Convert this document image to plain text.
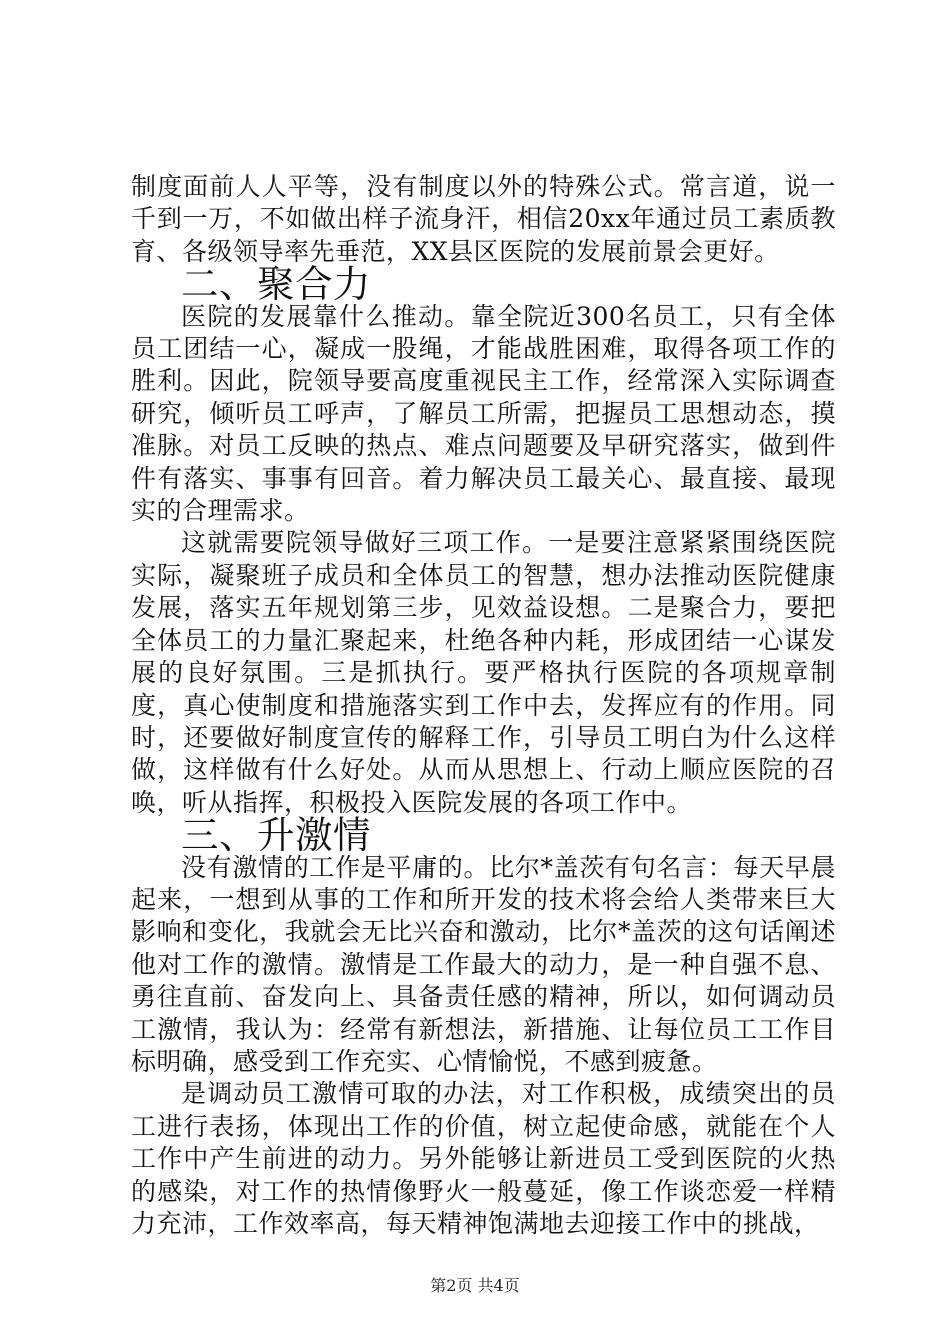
制度面前人人平等，没有制度以外的特殊公式。常言道，说一千到一万，不如做出样子流身汗，相信20xx年通过员工素质教育、各级领导率先垂范，XX县区医院的发展前景会更好。

二、聚合力

医院的发展靠什么推动。靠全院近300名员工，只有全体员工团结一心，凝成一股绳，才能战胜困难，取得各项工作的胜利。因此，院领导要高度重视民主工作，经常深入实际调查研究，倾听员工呼声，了解员工所需，把握员工思想动态，摸准脉。对员工反映的热点、难点问题要及早研究落实，做到件件有落实、事事有回音。着力解决员工最关心、最直接、最现实的合理需求。

这就需要院领导做好三项工作。一是要注意紧紧围绕医院实际，凝聚班子成员和全体员工的智慧，想办法推动医院健康发展，落实五年规划第三步，见效益设想。二是聚合力，要把全体员工的力量汇聚起来，杜绝各种内耗，形成团结一心谋发展的良好氛围。三是抓执行。要严格执行医院的各项规章制度，真心使制度和措施落实到工作中去，发挥应有的作用。同时，还要做好制度宣传的解释工作，引导员工明白为什么这样做，这样做有什么好处。从而从思想上、行动上顺应医院的召唤，听从指挥，积极投入医院发展的各项工作中。

三、升激情

没有激情的工作是平庸的。比尔*盖茨有句名言：每天早晨起来，一想到从事的工作和所开发的技术将会给人类带来巨大影响和变化，我就会无比兴奋和激动，比尔*盖茨的这句话阐述他对工作的激情。激情是工作最大的动力，是一种自强不息、勇往直前、奋发向上、具备责任感的精神，所以，如何调动员工激情，我认为：经常有新想法，新措施、让每位员工工作目标明确，感受到工作充实、心情愉悦，不感到疲惫。

是调动员工激情可取的办法，对工作积极，成绩突出的员工进行表扬，体现出工作的价值，树立起使命感，就能在个人工作中产生前进的动力。另外能够让新进员工受到医院的火热的感染，对工作的热情像野火一般蔓延，像工作谈恋爱一样精力充沛，工作效率高，每天精神饱满地去迎接工作中的挑战，

第2页 共4页
